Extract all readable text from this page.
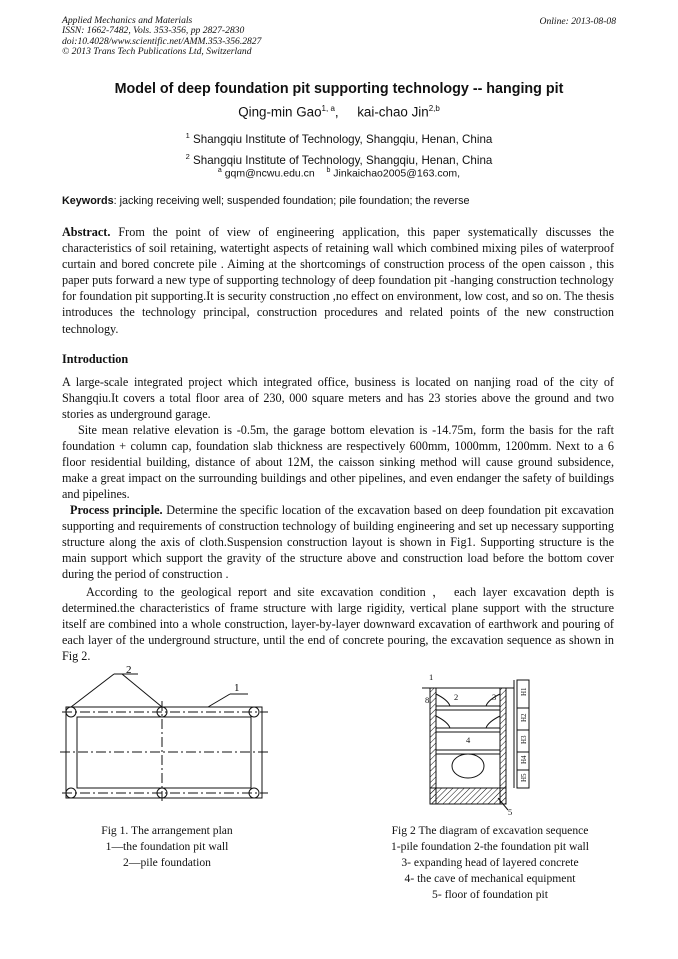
Applied Mechanics and Materials
ISSN: 1662-7482, Vols. 353-356, pp 2827-2830
doi:10.4028/www.scientific.net/AMM.353-356.2827
© 2013 Trans Tech Publications Ltd, Switzerland
Online: 2013-08-08
Model of deep foundation pit supporting technology -- hanging pit
Qing-min Gao$^{1, a}$, kai-chao Jin$^{2,b}$
$^1$ Shangqiu Institute of Technology, Shangqiu, Henan, China
$^2$ Shangqiu Institute of Technology, Shangqiu, Henan, China
$^a$ gqm@ncwu.edu.cn $^b$ Jinkaichao2005@163.com,
Keywords: jacking receiving well; suspended foundation; pile foundation; the reverse

Abstract. From the point of view of engineering application, this paper systematically discusses the characteristics of soil retaining, watertight aspects of retaining wall which combined mixing piles of waterproof curtain and bored concrete pile . Aiming at the shortcomings of construction process of the open caisson , this paper puts forward a new type of supporting technology of deep foundation pit -hanging construction technology for foundation pit supporting.It is security construction ,no effect on environment, low cost, and so on. The thesis introduces the technology principal, construction procedures and related points of the new construction technology.

Introduction

A large-scale integrated project which integrated office, business is located on nanjing road of the city of Shangqiu.It covers a total floor area of 230, 000 square meters and has 23 stories above the ground and two stories as underground garage.

Site mean relative elevation is -0.5m, the garage bottom elevation is -14.75m, form the basis for the raft foundation + column cap, foundation slab thickness are respectively 600mm, 1000mm, 1200mm. Next to a 6 floor residential building, distance of about 12M, the caisson sinking method will cause ground subsidence, make a great impact on the surrounding buildings and other pipelines, and even endanger the safety of buildings and pipelines.

Process principle. Determine the specific location of the excavation based on deep foundation pit excavation supporting and requirements of construction technology of building engineering and set up necessary supporting structure along the axis of cloth.Suspension construction layout is shown in Fig1. Supporting structure is the main support which support the gravity of the structure above and construction load before the bottom cover during the period of construction .

According to the geological report and site excavation condition ， each layer excavation depth is determined.the characteristics of frame structure with large rigidity, vertical plane support with the structure itself are combined into a whole construction, layer-by-layer downward excavation of earthwork and pouring of each layer of the underground structure, until the end of concrete pouring, the excavation sequence as shown in Fig 2.

2
1
1
8	2	3
4
5
H1
H2
H3
H4
H5
Fig 1. The arrangement plan
1—the foundation pit wall
2—pile foundation
Fig 2 The diagram of excavation sequence
1-pile foundation 2-the foundation pit wall
3- expanding head of layered concrete
4- the cave of mechanical equipment
5- floor of foundation pit
